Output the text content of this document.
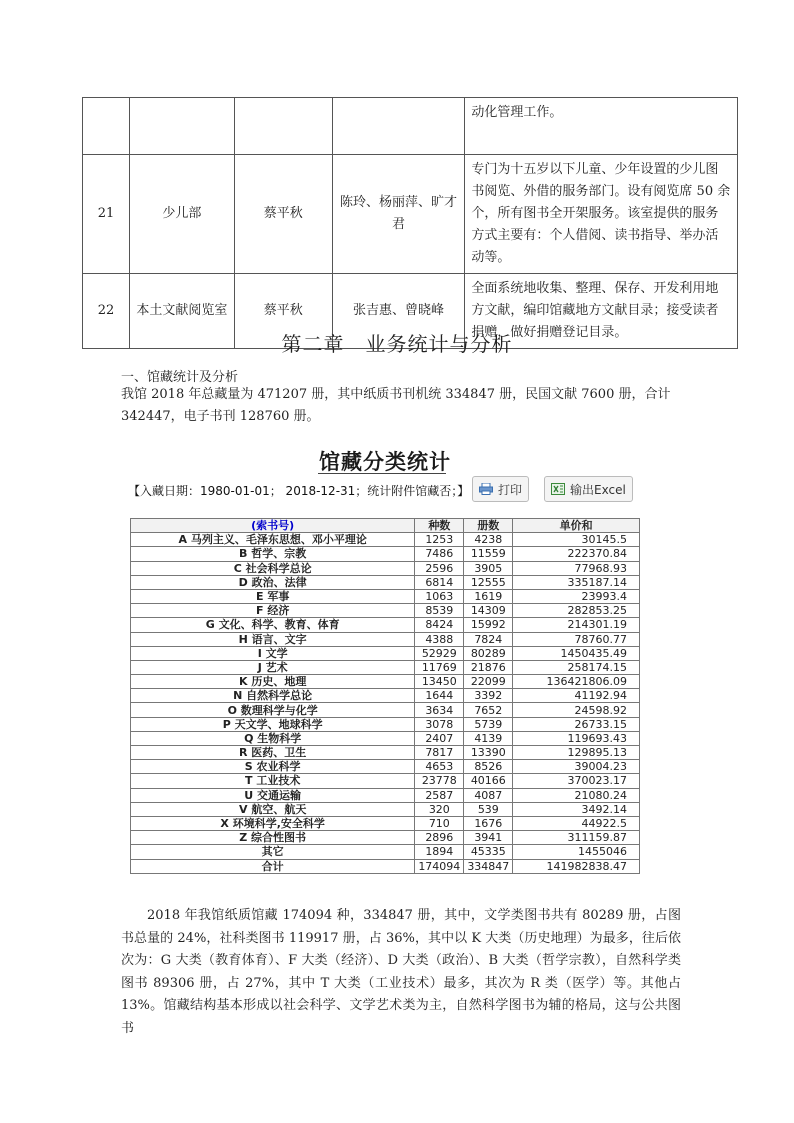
				动化管理工作。
21	少儿部	蔡平秋	陈玲、杨丽萍、旷才君	专门为十五岁以下儿童、少年设置的少儿图书阅览、外借的服务部门。设有阅览席 50 余个，所有图书全开架服务。该室提供的服务方式主要有：个人借阅、读书指导、举办活动等。
22	本土文献阅览室	蔡平秋	张吉惠、曾晓峰	全面系统地收集、整理、保存、开发利用地方文献，编印馆藏地方文献目录；接受读者捐赠，做好捐赠登记目录。
第二章　业务统计与分析
一、馆藏统计及分析
我馆 2018 年总藏量为 471207 册，其中纸质书刊机统 334847 册，民国文献 7600 册，合计 342447，电子书刊 128760 册。
馆藏分类统计
【入藏日期：1980-01-01； 2018-12-31；统计附件馆藏否；】 打印	输出Excel
(索书号)	种数	册数	单价和
A 马列主义、毛泽东思想、邓小平理论	1253	4238	30145.5
B 哲学、宗教	7486	11559	222370.84
C 社会科学总论	2596	3905	77968.93
D 政治、法律	6814	12555	335187.14
E 军事	1063	1619	23993.4
F 经济	8539	14309	282853.25
G 文化、科学、教育、体育	8424	15992	214301.19
H 语言、文字	4388	7824	78760.77
I 文学	52929	80289	1450435.49
J 艺术	11769	21876	258174.15
K 历史、地理	13450	22099	136421806.09
N 自然科学总论	1644	3392	41192.94
O 数理科学与化学	3634	7652	24598.92
P 天文学、地球科学	3078	5739	26733.15
Q 生物科学	2407	4139	119693.43
R 医药、卫生	7817	13390	129895.13
S 农业科学	4653	8526	39004.23
T 工业技术	23778	40166	370023.17
U 交通运输	2587	4087	21080.24
V 航空、航天	320	539	3492.14
X 环境科学,安全科学	710	1676	44922.5
Z 综合性图书	2896	3941	311159.87
其它	1894	45335	1455046
合计	174094	334847	141982838.47
2018 年我馆纸质馆藏 174094 种，334847 册，其中，文学类图书共有 80289 册，占图书总量的 24%，社科类图书 119917 册，占 36%，其中以 K 大类（历史地理）为最多，往后依次为：G 大类（教育体育）、F 大类（经济）、D 大类（政治）、B 大类（哲学宗教），自然科学类图书 89306 册，占 27%，其中 T 大类（工业技术）最多，其次为 R 类（医学）等。其他占 13%。馆藏结构基本形成以社会科学、文学艺术类为主，自然科学图书为辅的格局，这与公共图书
